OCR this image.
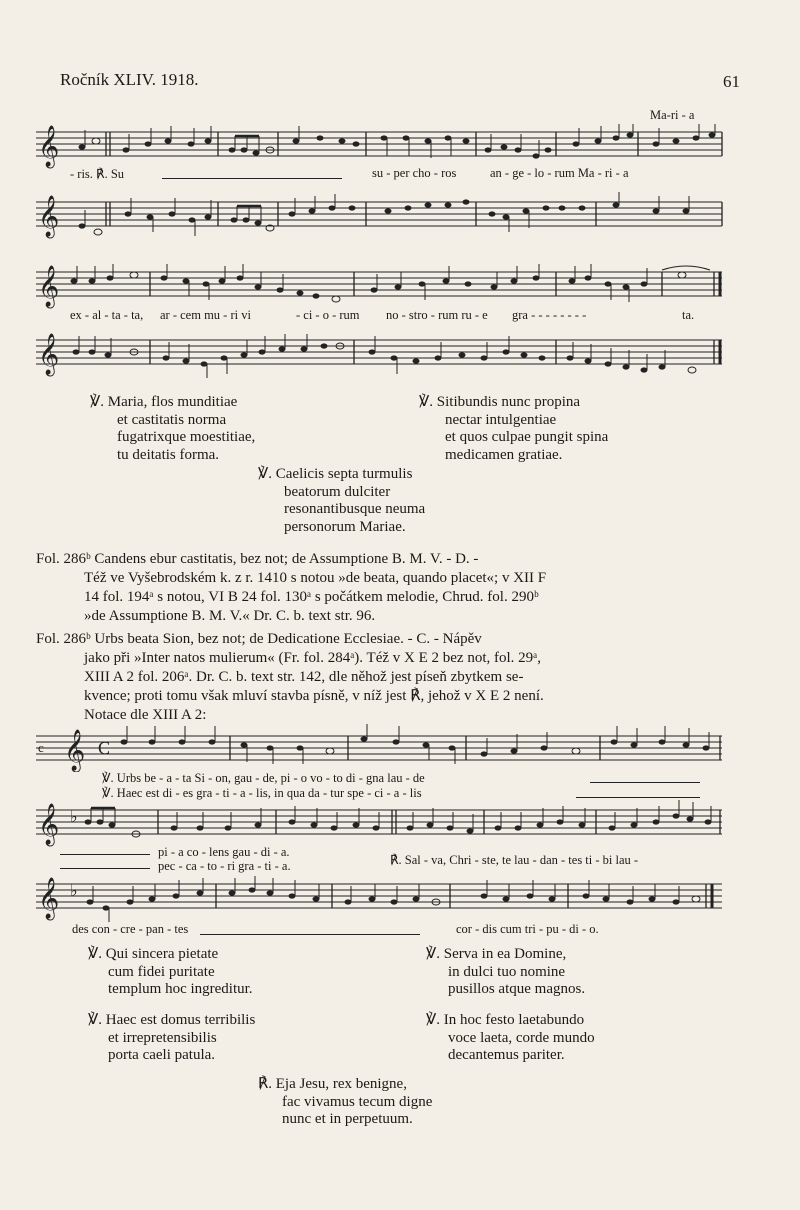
Ročník XLIV. 1918.	61
Ma-ri - a
𝄞
- ris. ℟. Su	su - per cho - ros	an - ge - lo - rum Ma - ri - a
𝄞
𝄞
ex - al - ta - ta, ar - cem mu - ri vi	- ci - o - rum no - stro - rum ru - e gra - - - - - - - -	ta.
𝄞
℣. Maria, flos munditiae
et castitatis norma
fugatrixque moestitiae,
tu deitatis forma.
℣. Sitibundis nunc propina
nectar intulgentiae
et quos culpae pungit spina
medicamen gratiae.
℣. Caelicis septa turmulis
beatorum dulciter
resonantibusque neuma
personorum Mariae.
Fol. 286ᵇ Candens ebur castitatis, bez not; de Assumptione B. M. V. - D. -
Též ve Vyšebrodském k. z r. 1410 s notou »de beata, quando placet«; v XII F
14 fol. 194ᵃ s notou, VI B 24 fol. 130ᵃ s počátkem melodie, Chrud. fol. 290ᵇ
»de Assumptione B. M. V.« Dr. C. b. text str. 96.
Fol. 286ᵇ Urbs beata Sion, bez not; de Dedicatione Ecclesiae. - C. - Nápěv
jako při »Inter natos mulierum« (Fr. fol. 284ᵃ). Též v X E 2 bez not, fol. 29ᵃ,
XIII A 2 fol. 206ᵃ. Dr. C. b. text str. 142, dle něhož jest píseň zbytkem se-
kvence; proti tomu však mluví stavba písně, v níž jest ℟, jehož v X E 2 není.
Notace dle XIII A 2:
c 𝄞 C
℣. Urbs be - a - ta Si - on, gau - de, pi - o vo - to di - gna lau - de
℣. Haec est di - es gra - ti - a - lis, in qua da - tur spe - ci - a - lis
𝄞 ♭
pi - a co - lens gau - di - a.
pec - ca - to - ri gra - ti - a.	℟. Sal - va, Chri - ste, te lau - dan - tes ti - bi lau -
𝄞 ♭
des con - cre - pan - tes	cor - dis cum tri - pu - di - o.
℣. Qui sincera pietate
cum fidei puritate
templum hoc ingreditur.
℣. Serva in ea Domine,
in dulci tuo nomine
pusillos atque magnos.
℣. Haec est domus terribilis
et irrepretensibilis
porta caeli patula.
℣. In hoc festo laetabundo
voce laeta, corde mundo
decantemus pariter.
℟. Eja Jesu, rex benigne,
fac vivamus tecum digne
nunc et in perpetuum.
